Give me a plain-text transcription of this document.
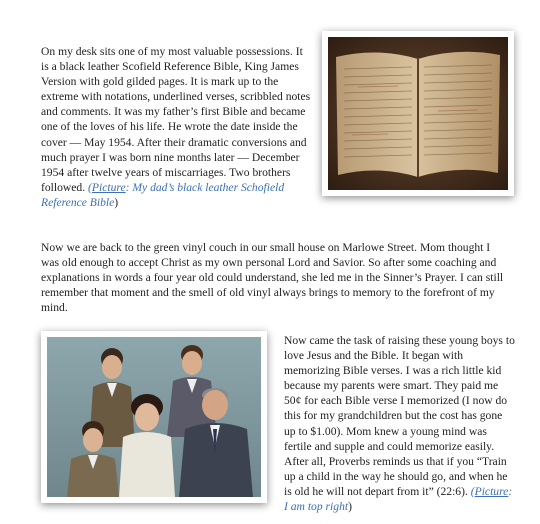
On my desk sits one of my most valuable possessions. It is a black leather Scofield Reference Bible, King James Version with gold gilded pages. It is mark up to the extreme with notations, underlined verses, scribbled notes and comments. It was my father’s first Bible and became one of the loves of his life. He wrote the date inside the cover — May 1954. After their dramatic conversions and much prayer I was born nine months later — December 1954 after twelve years of miscarriages. Two brothers followed. (Picture: My dad’s black leather Schofield Reference Bible)

Now we are back to the green vinyl couch in our small house on Marlowe Street. Mom thought I was old enough to accept Christ as my own personal Lord and Savior. So after some coaching and explanations in words a four year old could understand, she led me in the Sinner’s Prayer. I can still remember that moment and the smell of old vinyl always brings to memory to the forefront of my mind.

Now came the task of raising these young boys to love Jesus and the Bible. It began with memorizing Bible verses. I was a rich little kid because my parents were smart. They paid me 50¢ for each Bible verse I memorized (I now do this for my grandchildren but the cost has gone up to $1.00). Mom knew a young mind was fertile and supple and could memorize easily. After all, Proverbs reminds us that if you “Train up a child in the way he should go, and when he is old he will not depart from it” (22:6). (Picture: I am top right)
